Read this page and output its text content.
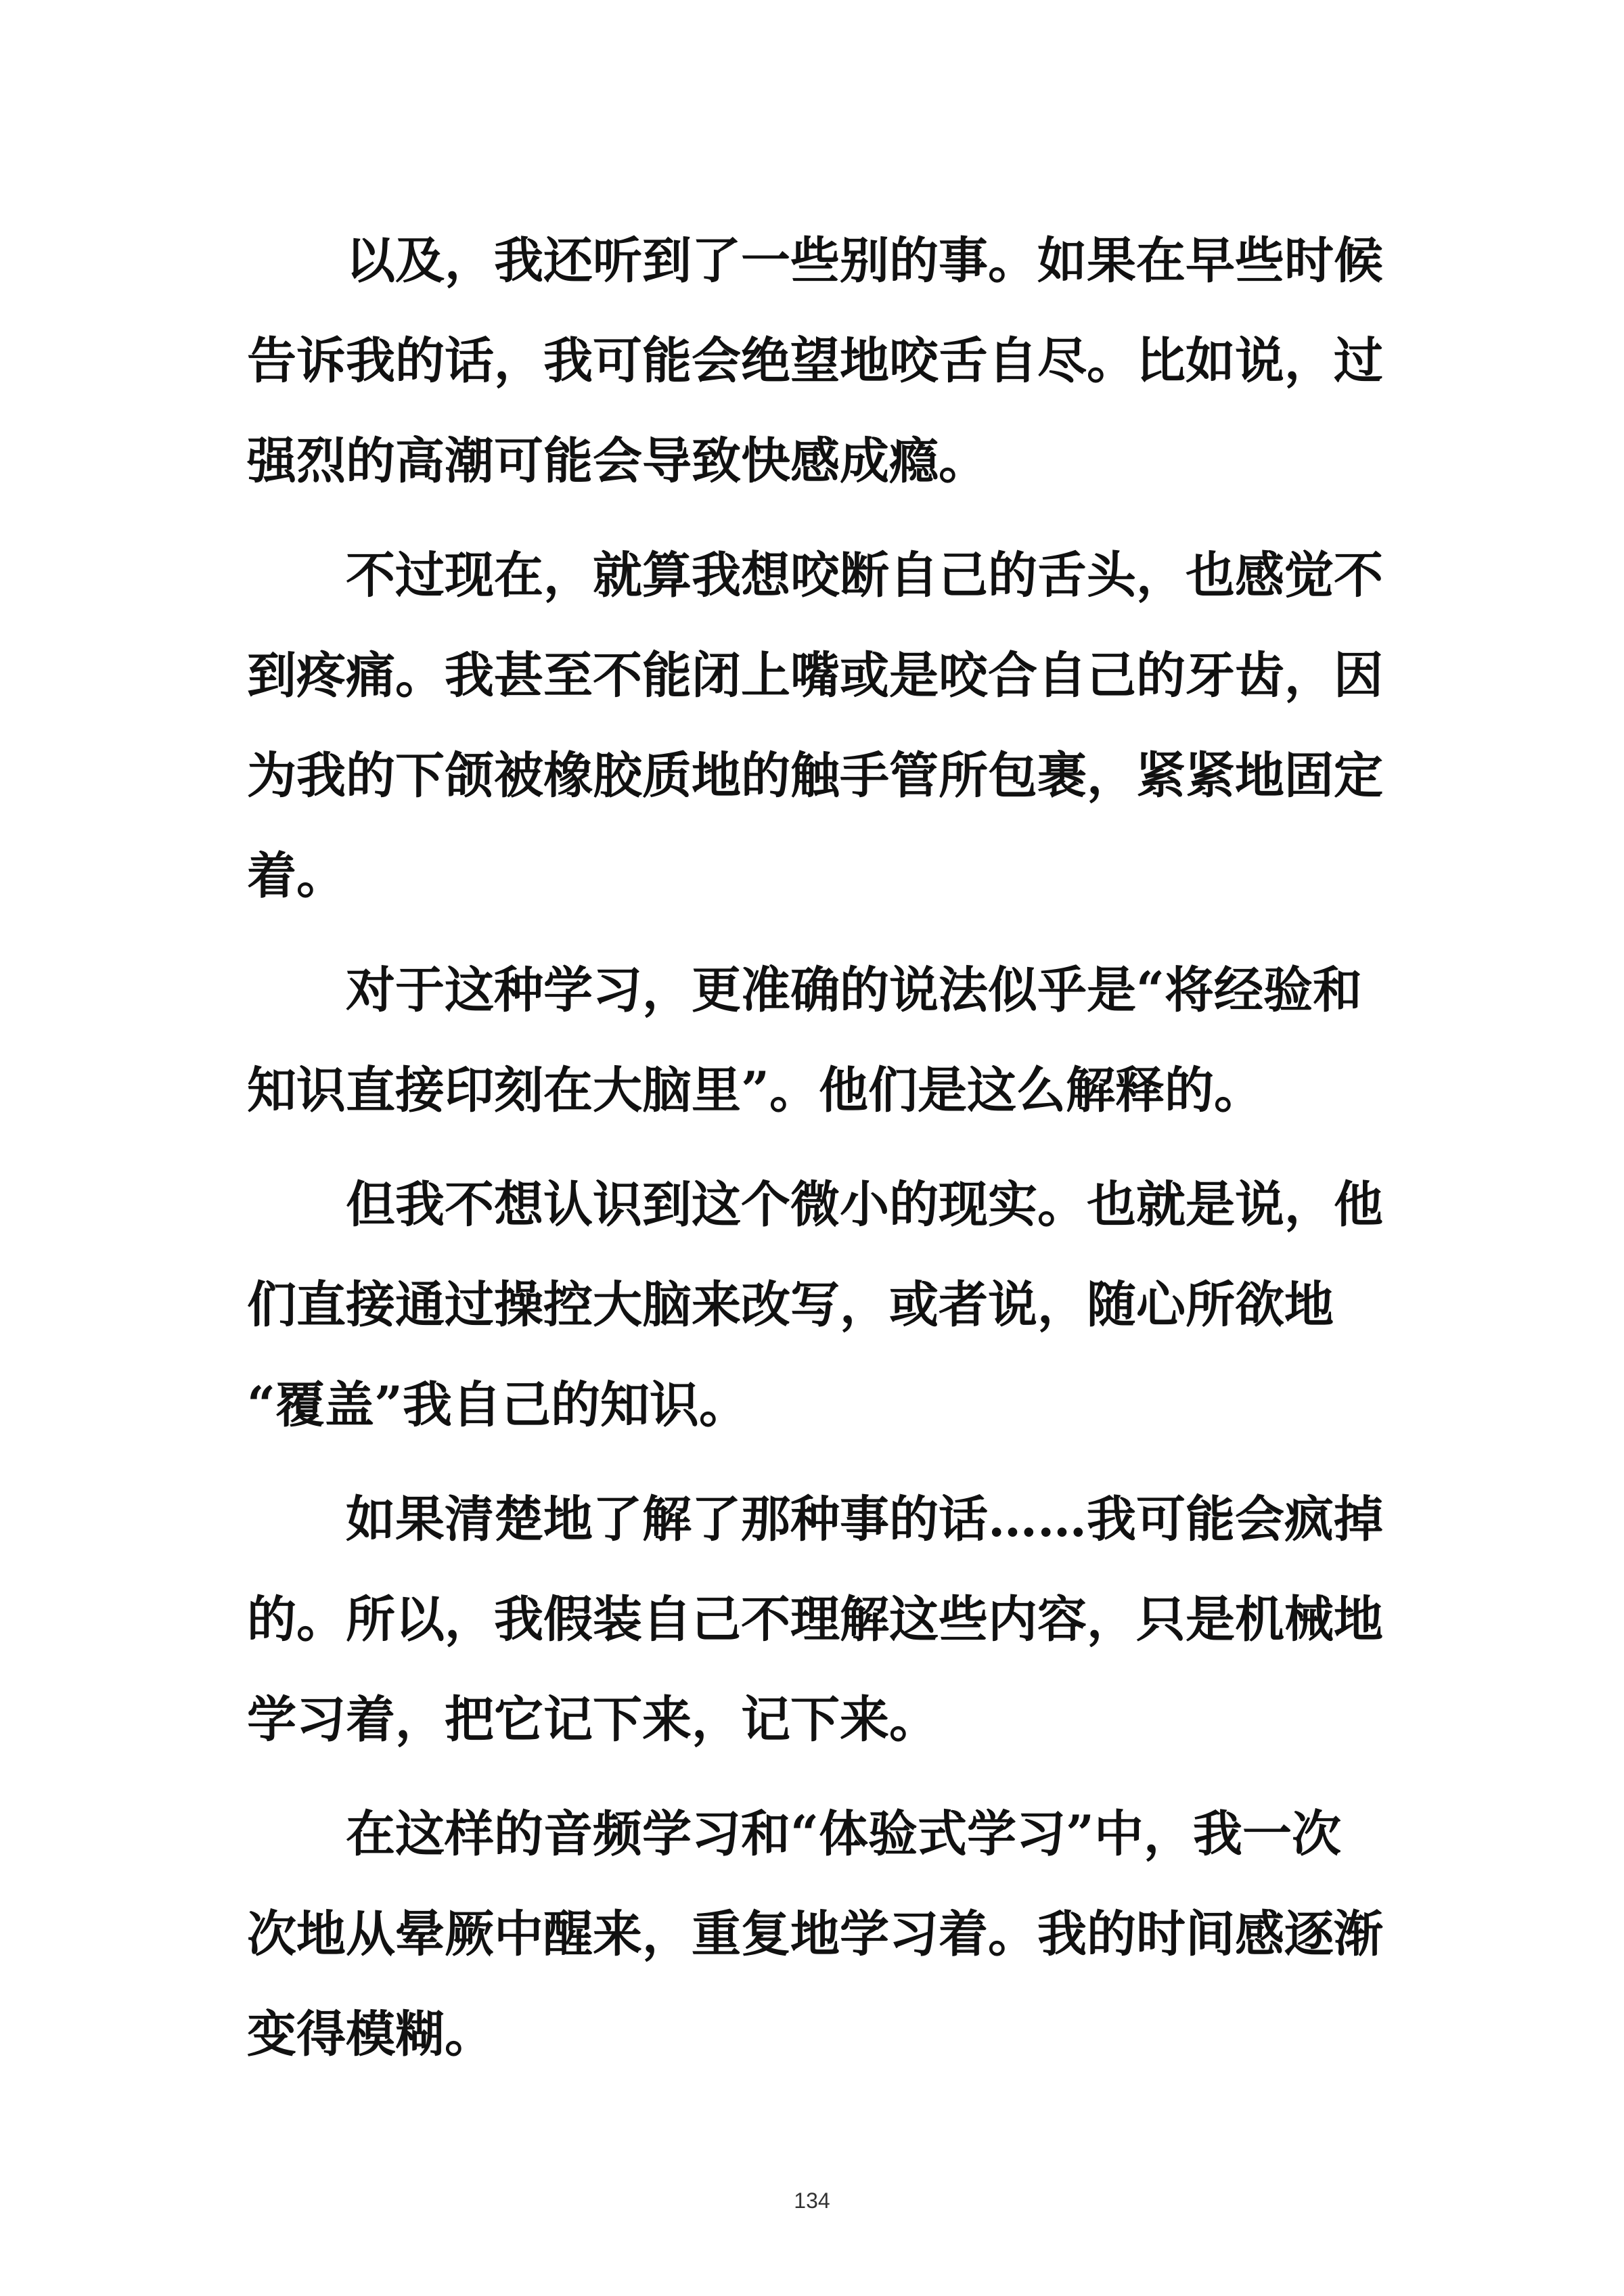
　　以及，我还听到了一些别的事。如果在早些时候
告诉我的话，我可能会绝望地咬舌自尽。比如说，过
强烈的高潮可能会导致快感成瘾。
　　不过现在，就算我想咬断自己的舌头，也感觉不
到疼痛。我甚至不能闭上嘴或是咬合自己的牙齿，因
为我的下颌被橡胶质地的触手管所包裹，紧紧地固定
着。
　　对于这种学习，更准确的说法似乎是“将经验和
知识直接印刻在大脑里”。他们是这么解释的。
　　但我不想认识到这个微小的现实。也就是说，他
们直接通过操控大脑来改写，或者说，随心所欲地
“覆盖”我自己的知识。
　　如果清楚地了解了那种事的话……我可能会疯掉
的。所以，我假装自己不理解这些内容，只是机械地
学习着，把它记下来，记下来。
　　在这样的音频学习和“体验式学习”中，我一次
次地从晕厥中醒来，重复地学习着。我的时间感逐渐
变得模糊。
134
